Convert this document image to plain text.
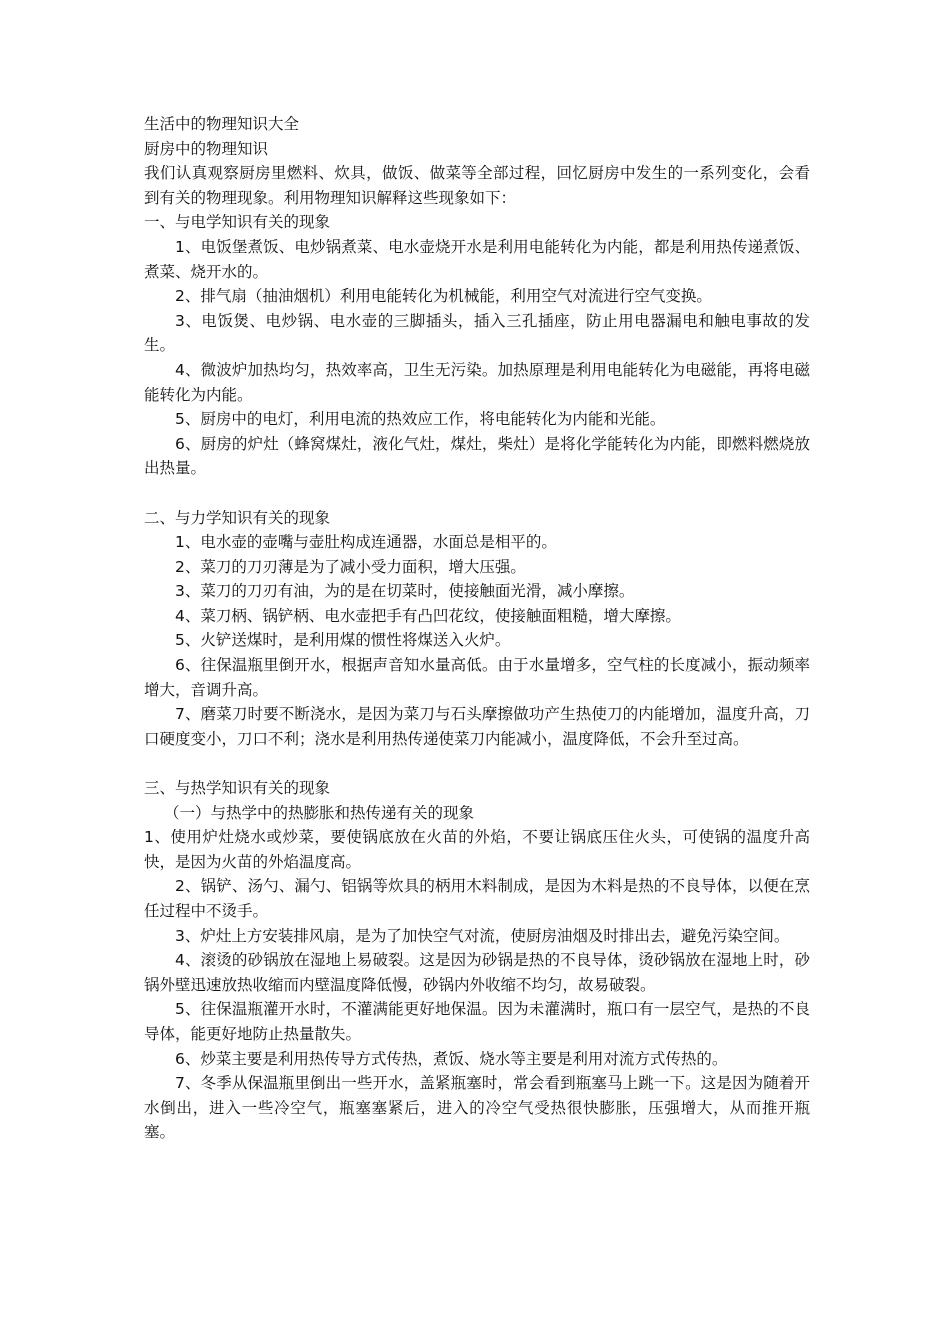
生活中的物理知识大全

厨房中的物理知识

我们认真观察厨房里燃料、炊具，做饭、做菜等全部过程，回忆厨房中发生的一系列变化，会看到有关的物理现象。利用物理知识解释这些现象如下：

一、与电学知识有关的现象

1、电饭堡煮饭、电炒锅煮菜、电水壶烧开水是利用电能转化为内能，都是利用热传递煮饭、煮菜、烧开水的。

2、排气扇（抽油烟机）利用电能转化为机械能，利用空气对流进行空气变换。

3、电饭煲、电炒锅、电水壶的三脚插头，插入三孔插座，防止用电器漏电和触电事故的发生。

4、微波炉加热均匀，热效率高，卫生无污染。加热原理是利用电能转化为电磁能，再将电磁能转化为内能。

5、厨房中的电灯，利用电流的热效应工作，将电能转化为内能和光能。

6、厨房的炉灶（蜂窝煤灶，液化气灶，煤灶，柴灶）是将化学能转化为内能，即燃料燃烧放出热量。

二、与力学知识有关的现象

1、电水壶的壶嘴与壶肚构成连通器，水面总是相平的。

2、菜刀的刀刃薄是为了减小受力面积，增大压强。

3、菜刀的刀刃有油，为的是在切菜时，使接触面光滑，减小摩擦。

4、菜刀柄、锅铲柄、电水壶把手有凸凹花纹，使接触面粗糙，增大摩擦。

5、火铲送煤时，是利用煤的惯性将煤送入火炉。

6、往保温瓶里倒开水，根据声音知水量高低。由于水量增多，空气柱的长度减小，振动频率增大，音调升高。

7、磨菜刀时要不断浇水，是因为菜刀与石头摩擦做功产生热使刀的内能增加，温度升高，刀口硬度变小，刀口不利；浇水是利用热传递使菜刀内能减小，温度降低，不会升至过高。

三、与热学知识有关的现象

（一）与热学中的热膨胀和热传递有关的现象

1、使用炉灶烧水或炒菜，要使锅底放在火苗的外焰，不要让锅底压住火头，可使锅的温度升高快，是因为火苗的外焰温度高。

2、锅铲、汤勺、漏勺、铝锅等炊具的柄用木料制成，是因为木料是热的不良导体，以便在烹任过程中不烫手。

3、炉灶上方安装排风扇，是为了加快空气对流，使厨房油烟及时排出去，避免污染空间。

4、滚烫的砂锅放在湿地上易破裂。这是因为砂锅是热的不良导体，烫砂锅放在湿地上时，砂锅外壁迅速放热收缩而内壁温度降低慢，砂锅内外收缩不均匀，故易破裂。

5、往保温瓶灌开水时，不灌满能更好地保温。因为未灌满时，瓶口有一层空气，是热的不良导体，能更好地防止热量散失。

6、炒菜主要是利用热传导方式传热，煮饭、烧水等主要是利用对流方式传热的。

7、冬季从保温瓶里倒出一些开水，盖紧瓶塞时，常会看到瓶塞马上跳一下。这是因为随着开水倒出，进入一些冷空气，瓶塞塞紧后，进入的冷空气受热很快膨胀，压强增大，从而推开瓶塞。
